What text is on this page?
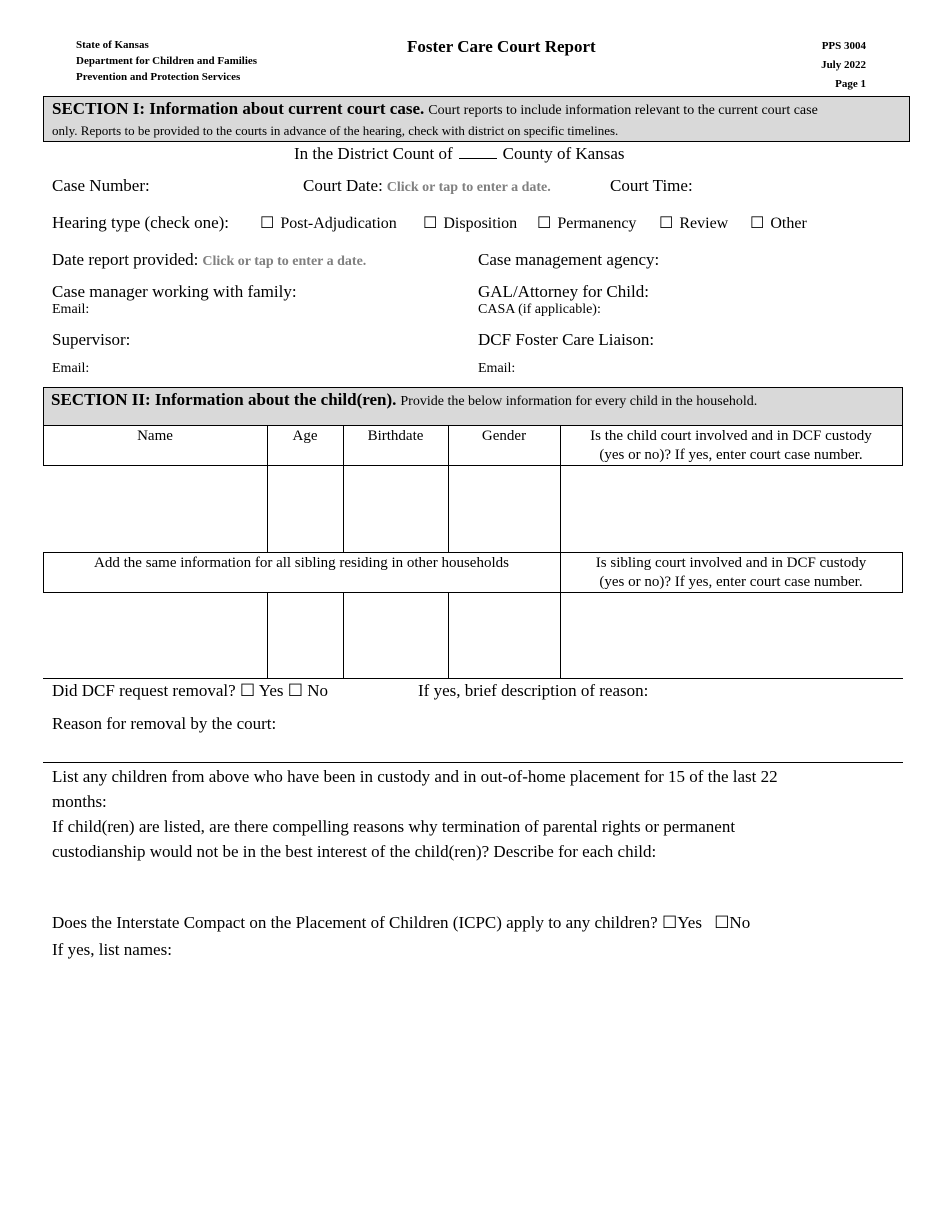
State of Kansas
Department for Children and Families
Prevention and Protection Services
Foster Care Court Report	PPS 3004
July 2022
Page 1
SECTION I: Information about current court case. Court reports to include information relevant to the current court case
only. Reports to be provided to the courts in advance of the hearing, check with district on specific timelines.
In the District Count of	County of Kansas
Case Number:	Court Date: Click or tap to enter a date.	Court Time:
Hearing type (check one): ☐ Post-Adjudication ☐ Disposition ☐ Permanency ☐ Review ☐ Other
Date report provided: Click or tap to enter a date.	Case management agency:
Case manager working with family:
Email:
GAL/Attorney for Child:
CASA (if applicable):
Supervisor:
Email:
DCF Foster Care Liaison:
Email:
SECTION II: Information about the child(ren). Provide the below information for every child in the household.
Name	Age	Birthdate	Gender	Is the child court involved and in DCF custody
(yes or no)? If yes, enter court case number.
Add the same information for all sibling residing in other households	Is sibling court involved and in DCF custody
(yes or no)? If yes, enter court case number.
Did DCF request removal? ☐ Yes ☐ No	If yes, brief description of reason:
Reason for removal by the court:
List any children from above who have been in custody and in out-of-home placement for 15 of the last 22
months:
If child(ren) are listed, are there compelling reasons why termination of parental rights or permanent
custodianship would not be in the best interest of the child(ren)? Describe for each child:
Does the Interstate Compact on the Placement of Children (ICPC) apply to any children? ☐Yes ☐No
If yes, list names:
